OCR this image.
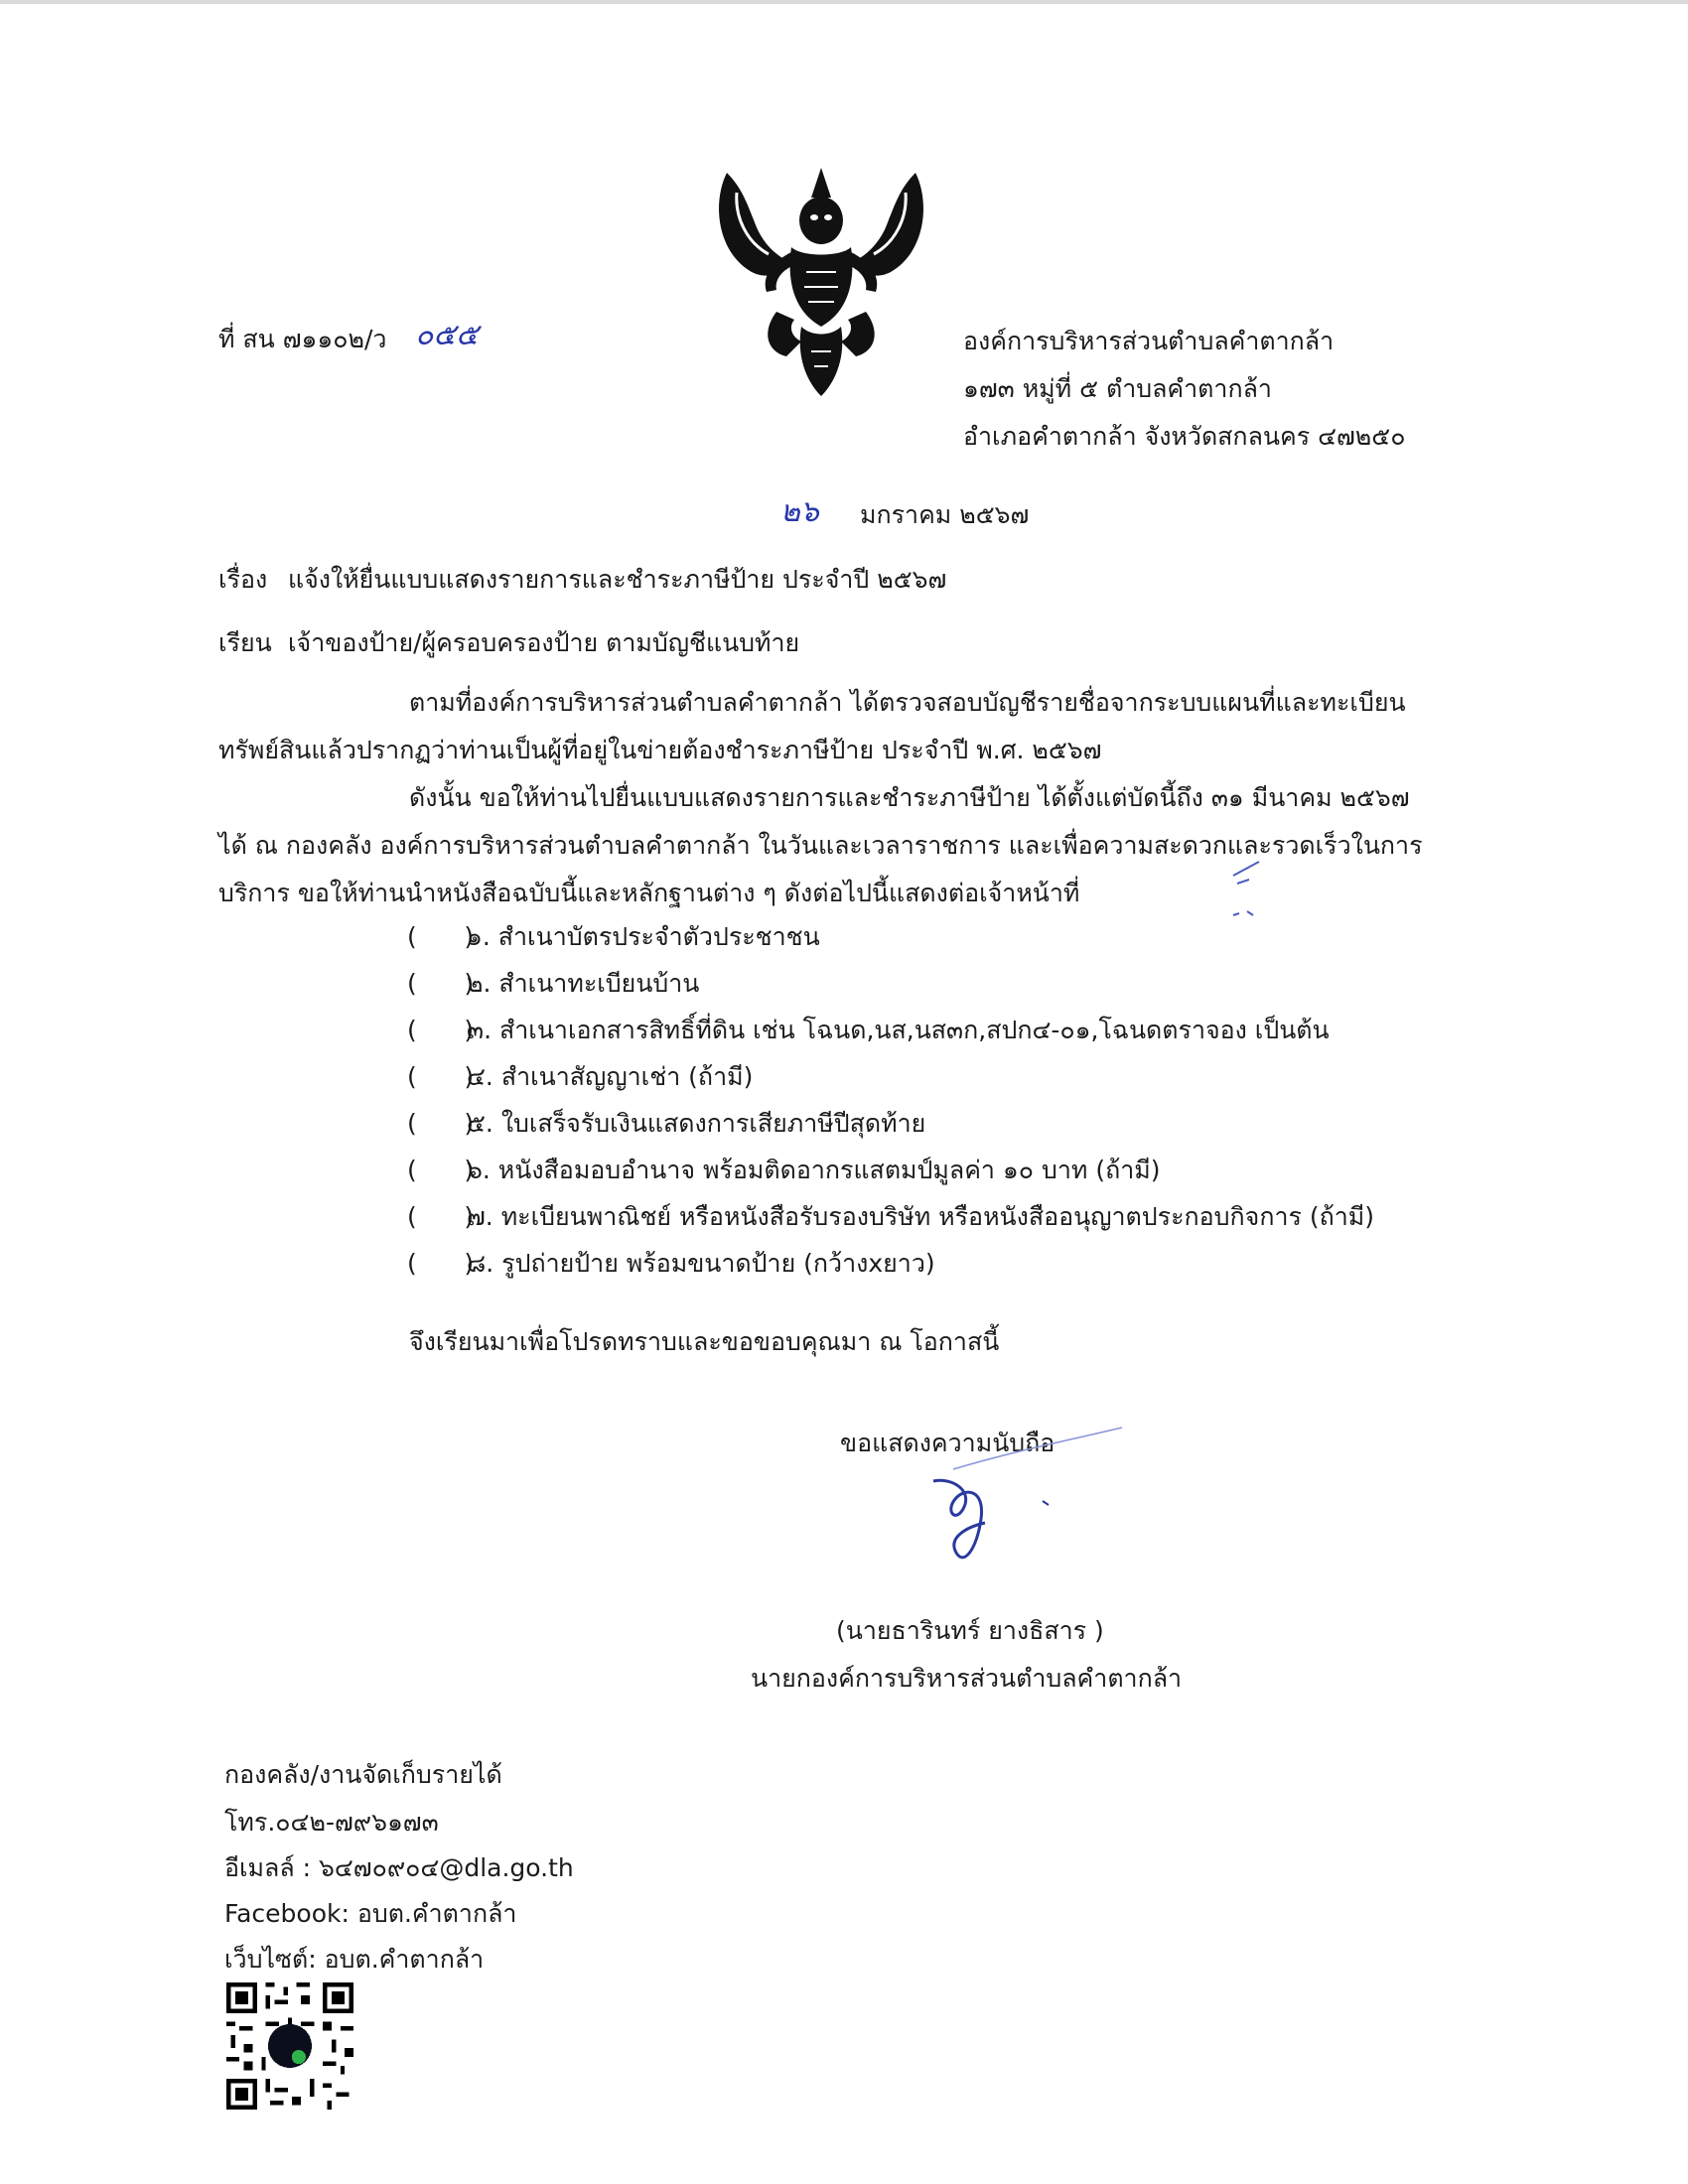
ที่ สน ๗๑๑๐๒/ว ๐๕๕	องค์การบริหารส่วนตำบลคำตากล้า
๑๗๓ หมู่ที่ ๕ ตำบลคำตากล้า
อำเภอคำตากล้า จังหวัดสกลนคร ๔๗๒๕๐
๒๖ มกราคม ๒๕๖๗
เรื่อง แจ้งให้ยื่นแบบแสดงรายการและชำระภาษีป้าย ประจำปี ๒๕๖๗
เรียน เจ้าของป้าย/ผู้ครอบครองป้าย ตามบัญชีแนบท้าย
ตามที่องค์การบริหารส่วนตำบลคำตากล้า ได้ตรวจสอบบัญชีรายชื่อจากระบบแผนที่และทะเบียน
ทรัพย์สินแล้วปรากฏว่าท่านเป็นผู้ที่อยู่ในข่ายต้องชำระภาษีป้าย ประจำปี พ.ศ. ๒๕๖๗
ดังนั้น ขอให้ท่านไปยื่นแบบแสดงรายการและชำระภาษีป้าย ได้ตั้งแต่บัดนี้ถึง ๓๑ มีนาคม ๒๕๖๗
ได้ ณ กองคลัง องค์การบริหารส่วนตำบลคำตากล้า ในวันและเวลาราชการ และเพื่อความสะดวกและรวดเร็วในการ
บริการ ขอให้ท่านนำหนังสือฉบับนี้และหลักฐานต่าง ๆ ดังต่อไปนี้แสดงต่อเจ้าหน้าที่
(      )
๑. สำเนาบัตรประจำตัวประชาชน
(      )
๒. สำเนาทะเบียนบ้าน
(      )
๓. สำเนาเอกสารสิทธิ์ที่ดิน เช่น โฉนด,นส,นส๓ก,สปก๔-๐๑,โฉนดตราจอง เป็นต้น
(      )
๔. สำเนาสัญญาเช่า (ถ้ามี)
(      )
๕. ใบเสร็จรับเงินแสดงการเสียภาษีปีสุดท้าย
(      )
๖. หนังสือมอบอำนาจ พร้อมติดอากรแสตมป์มูลค่า ๑๐ บาท (ถ้ามี)
(      )
๗. ทะเบียนพาณิชย์ หรือหนังสือรับรองบริษัท หรือหนังสืออนุญาตประกอบกิจการ (ถ้ามี)
(      )
๘. รูปถ่ายป้าย พร้อมขนาดป้าย (กว้างxยาว)
จึงเรียนมาเพื่อโปรดทราบและขอขอบคุณมา ณ โอกาสนี้
ขอแสดงความนับถือ
(นายธารินทร์ ยางธิสาร )
นายกองค์การบริหารส่วนตำบลคำตากล้า
กองคลัง/งานจัดเก็บรายได้
โทร.๐๔๒-๗๙๖๑๗๓
อีเมลล์ : ๖๔๗๐๙๐๔@dla.go.th
Facebook: อบต.คำตากล้า
เว็บไซต์: อบต.คำตากล้า
